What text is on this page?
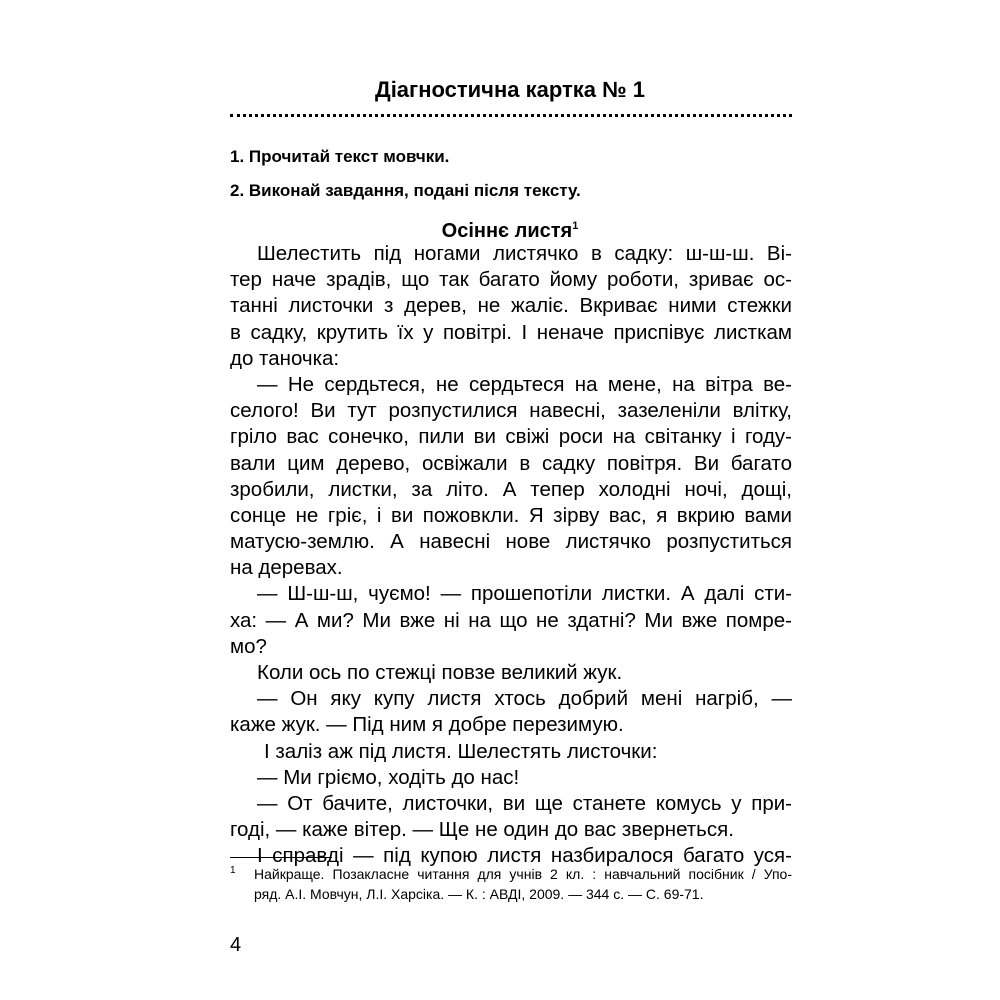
Діагностична картка № 1
1. Прочитай текст мовчки.
2. Виконай завдання, подані після тексту.
Осіннє листя$^1$
Шелестить під ногами листячко в садку: ш-ш-ш. Ві-
тер наче зрадів, що так багато йому роботи, зриває ос-
танні листочки з дерев, не жаліє. Вкриває ними стежки
в садку, крутить їх у повітрі. І неначе приспівує листкам
до таночка:
— Не сердьтеся, не сердьтеся на мене, на вітра ве-
селого! Ви тут розпустилися навесні, зазеленіли влітку,
гріло вас сонечко, пили ви свіжі роси на світанку і году-
вали цим дерево, освіжали в садку повітря. Ви багато
зробили, листки, за літо. А тепер холодні ночі, дощі,
сонце не гріє, і ви пожовкли. Я зірву вас, я вкрию вами
матусю-землю. А навесні нове листячко розпуститься
на деревах.
— Ш-ш-ш, чуємо! — прошепотіли листки. А далі сти-
ха: — А ми? Ми вже ні на що не здатні? Ми вже помре-
мо?
Коли ось по стежці повзе великий жук.
— Он яку купу листя хтось добрий мені нагріб, —
каже жук. — Під ним я добре перезимую.
І заліз аж під листя. Шелестять листочки:
— Ми гріємо, ходіть до нас!
— От бачите, листочки, ви ще станете комусь у при-
годі, — каже вітер. — Ще не один до вас звернеться.
І справді — під купою листя назбиралося багато уся-
1 Найкраще. Позакласне читання для учнів 2 кл. : навчальний посібник / Упо-
ряд. А.І. Мовчун, Л.І. Харсіка. — К. : АВДІ, 2009. — 344 с. — С. 69-71.
4
